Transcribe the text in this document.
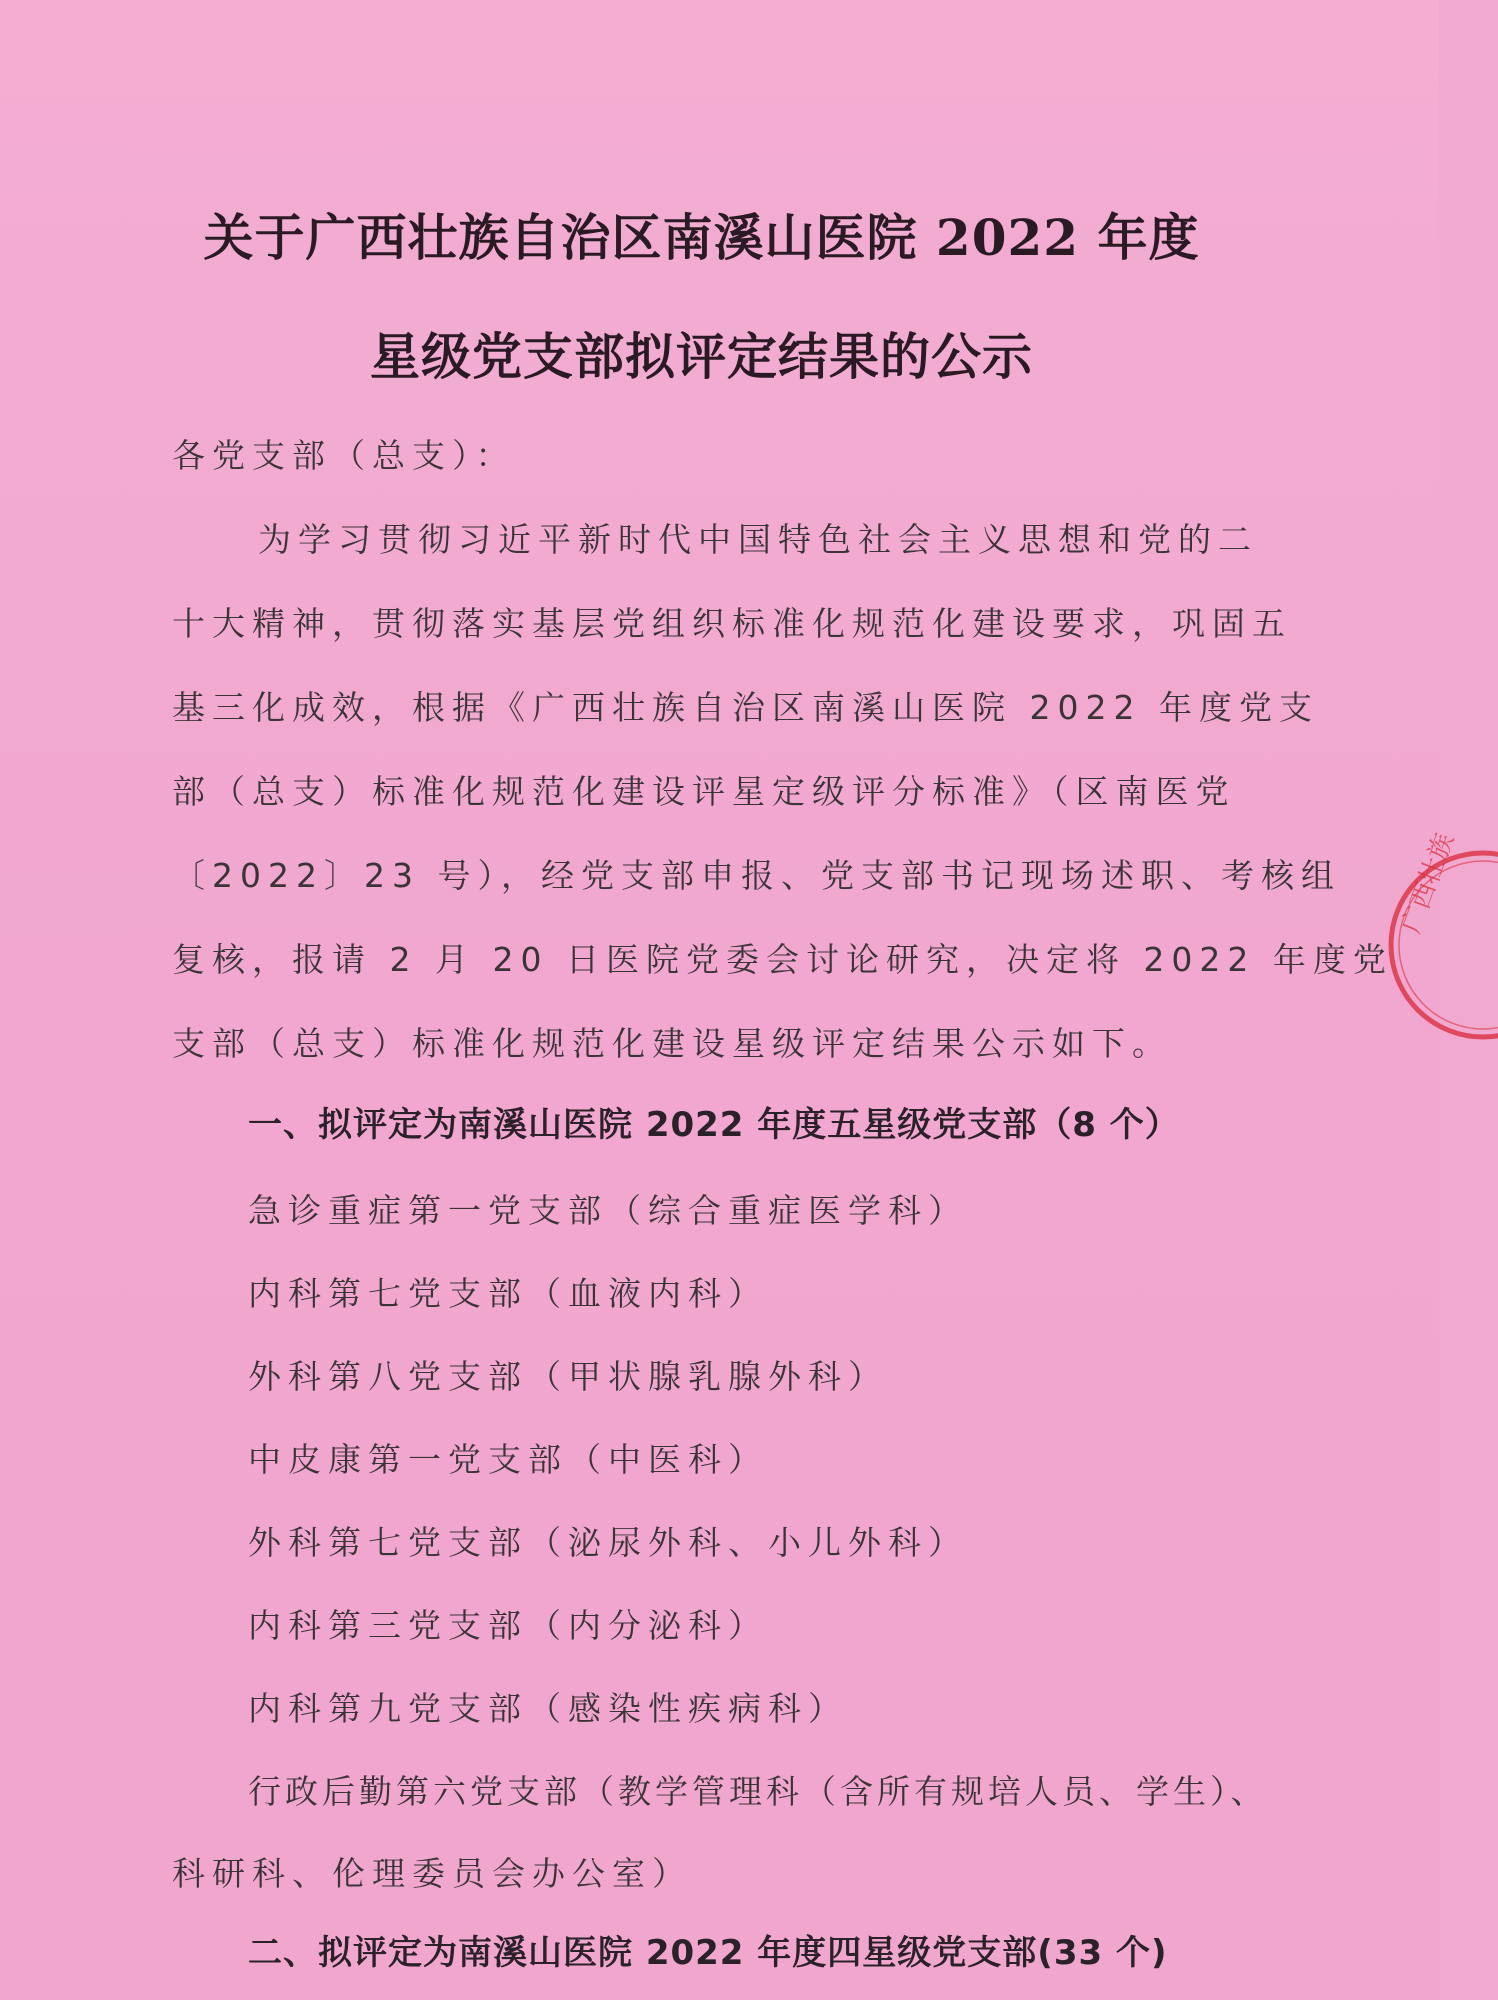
关于广西壮族自治区南溪山医院 2022 年度
星级党支部拟评定结果的公示
各党支部（总支）：
为学习贯彻习近平新时代中国特色社会主义思想和党的二
十大精神，贯彻落实基层党组织标准化规范化建设要求，巩固五
基三化成效，根据《广西壮族自治区南溪山医院 2022 年度党支
部（总支）标准化规范化建设评星定级评分标准》（区南医党
〔2022〕23 号），经党支部申报、党支部书记现场述职、考核组
复核，报请 2 月 20 日医院党委会讨论研究，决定将 2022 年度党
支部（总支）标准化规范化建设星级评定结果公示如下。
一、拟评定为南溪山医院 2022 年度五星级党支部（8 个）
急诊重症第一党支部（综合重症医学科）
内科第七党支部（血液内科）
外科第八党支部（甲状腺乳腺外科）
中皮康第一党支部（中医科）
外科第七党支部（泌尿外科、小儿外科）
内科第三党支部（内分泌科）
内科第九党支部（感染性疾病科）
行政后勤第六党支部（教学管理科（含所有规培人员、学生）、
科研科、伦理委员会办公室）
二、拟评定为南溪山医院 2022 年度四星级党支部(33 个)
广西壮族
